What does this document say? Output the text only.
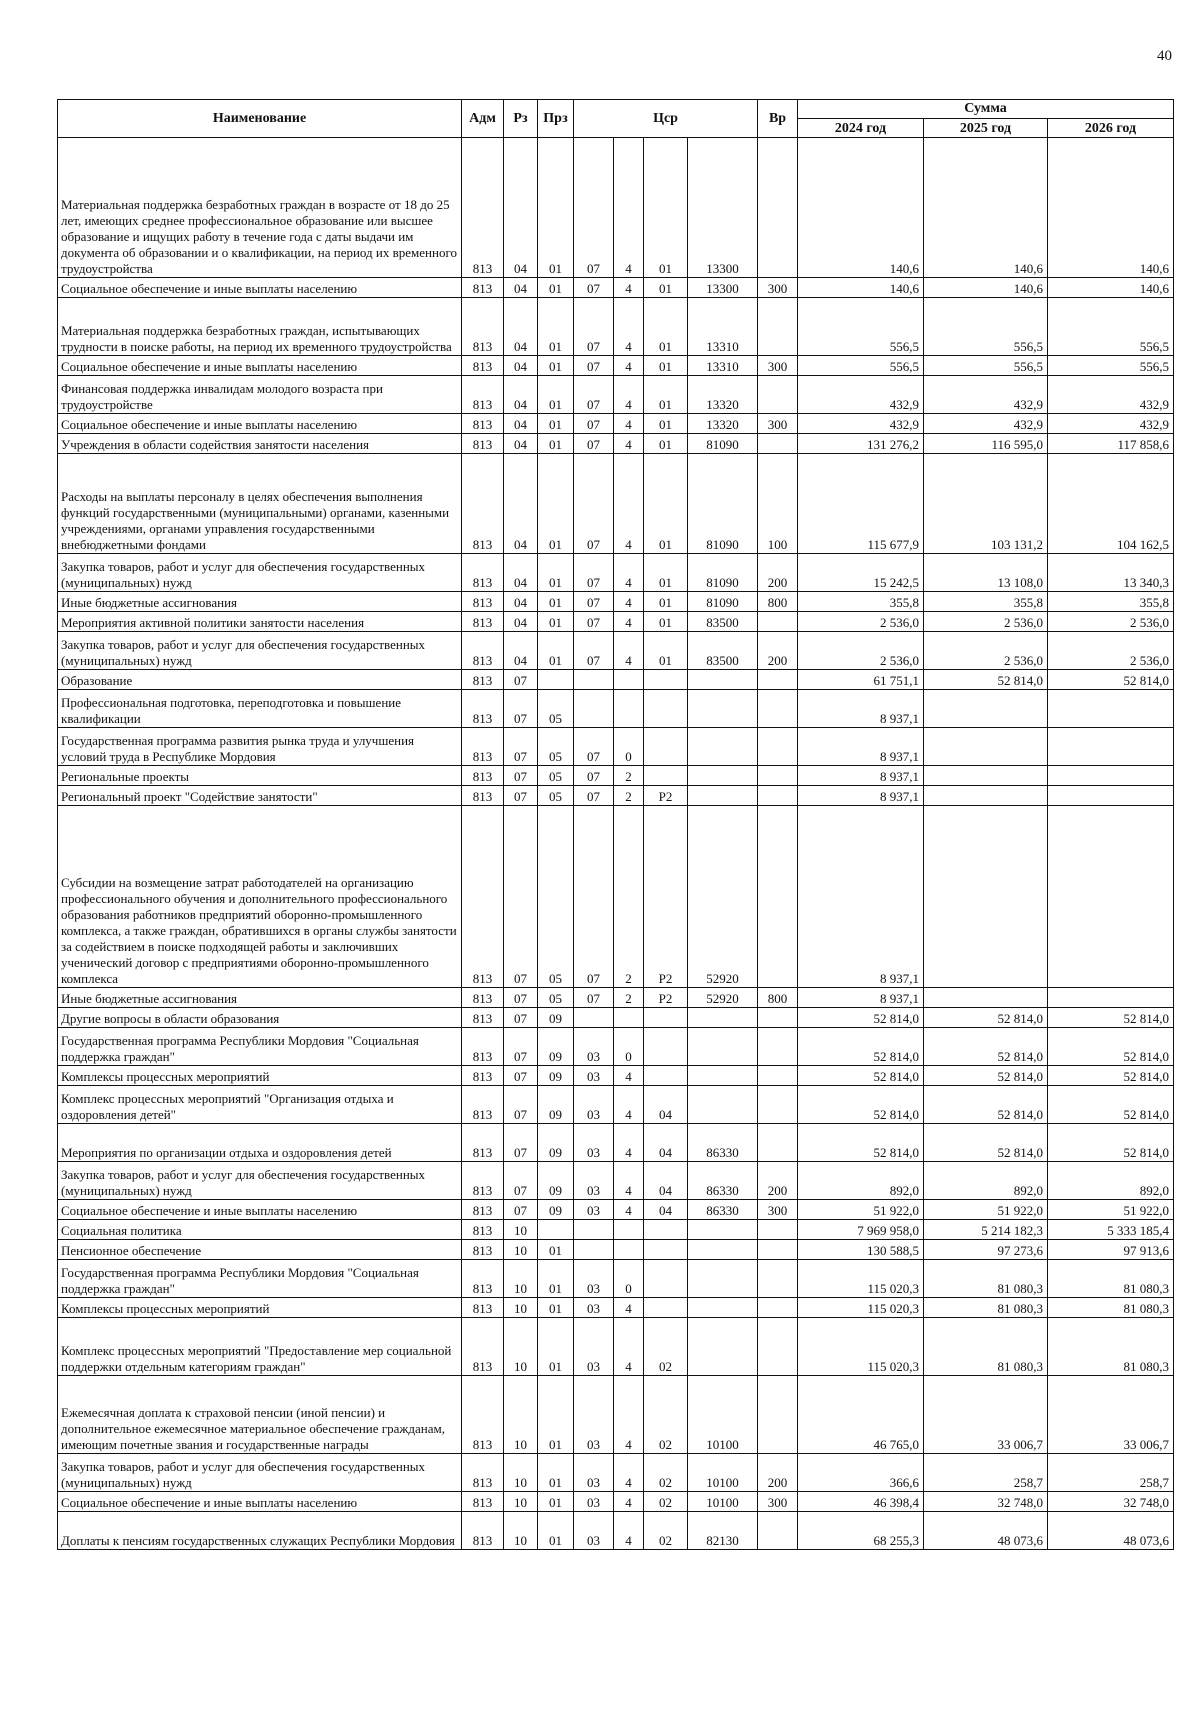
40
Наименование	Адм	Рз	Прз	Цср				Вр	Сумма		
									2024 год	2025 год	2026 год
Материальная поддержка безработных граждан в возрасте от 18 до 25 лет, имеющих среднее профессиональное образование или высшее образование и ищущих работу в течение года с даты выдачи им документа об образовании и о квалификации, на период их временного трудоустройства	813	04	01	07	4	01	13300		140,6	140,6	140,6
Социальное обеспечение и иные выплаты населению	813	04	01	07	4	01	13300	300	140,6	140,6	140,6
Материальная поддержка безработных граждан, испытывающих трудности в поиске работы, на период их временного трудоустройства	813	04	01	07	4	01	13310		556,5	556,5	556,5
Социальное обеспечение и иные выплаты населению	813	04	01	07	4	01	13310	300	556,5	556,5	556,5
Финансовая поддержка инвалидам молодого возраста при трудоустройстве	813	04	01	07	4	01	13320		432,9	432,9	432,9
Социальное обеспечение и иные выплаты населению	813	04	01	07	4	01	13320	300	432,9	432,9	432,9
Учреждения в области содействия занятости населения	813	04	01	07	4	01	81090		131 276,2	116 595,0	117 858,6
Расходы на выплаты персоналу в целях обеспечения выполнения функций государственными (муниципальными) органами, казенными учреждениями, органами управления государственными внебюджетными фондами	813	04	01	07	4	01	81090	100	115 677,9	103 131,2	104 162,5
Закупка товаров, работ и услуг для обеспечения государственных (муниципальных) нужд	813	04	01	07	4	01	81090	200	15 242,5	13 108,0	13 340,3
Иные бюджетные ассигнования	813	04	01	07	4	01	81090	800	355,8	355,8	355,8
Мероприятия активной политики занятости населения	813	04	01	07	4	01	83500		2 536,0	2 536,0	2 536,0
Закупка товаров, работ и услуг для обеспечения государственных (муниципальных) нужд	813	04	01	07	4	01	83500	200	2 536,0	2 536,0	2 536,0
Образование	813	07							61 751,1	52 814,0	52 814,0
Профессиональная подготовка, переподготовка и повышение квалификации	813	07	05						8 937,1		
Государственная программа развития рынка труда и улучшения условий труда в Республике Мордовия	813	07	05	07	0				8 937,1		
Региональные проекты	813	07	05	07	2				8 937,1		
Региональный проект "Содействие занятости"	813	07	05	07	2	Р2			8 937,1		
Субсидии на возмещение затрат работодателей на организацию профессионального обучения и дополнительного профессионального образования работников предприятий оборонно-промышленного комплекса, а также граждан, обратившихся в органы службы занятости за содействием в поиске подходящей работы и заключивших ученический договор с предприятиями оборонно-промышленного комплекса	813	07	05	07	2	Р2	52920		8 937,1		
Иные бюджетные ассигнования	813	07	05	07	2	Р2	52920	800	8 937,1		
Другие вопросы в области образования	813	07	09						52 814,0	52 814,0	52 814,0
Государственная программа Республики Мордовия "Социальная поддержка граждан"	813	07	09	03	0				52 814,0	52 814,0	52 814,0
Комплексы процессных мероприятий	813	07	09	03	4				52 814,0	52 814,0	52 814,0
Комплекс процессных мероприятий "Организация отдыха и оздоровления детей"	813	07	09	03	4	04			52 814,0	52 814,0	52 814,0
Мероприятия по организации отдыха и оздоровления детей	813	07	09	03	4	04	86330		52 814,0	52 814,0	52 814,0
Закупка товаров, работ и услуг для обеспечения государственных (муниципальных) нужд	813	07	09	03	4	04	86330	200	892,0	892,0	892,0
Социальное обеспечение и иные выплаты населению	813	07	09	03	4	04	86330	300	51 922,0	51 922,0	51 922,0
Социальная политика	813	10							7 969 958,0	5 214 182,3	5 333 185,4
Пенсионное обеспечение	813	10	01						130 588,5	97 273,6	97 913,6
Государственная программа Республики Мордовия "Социальная поддержка граждан"	813	10	01	03	0				115 020,3	81 080,3	81 080,3
Комплексы процессных мероприятий	813	10	01	03	4				115 020,3	81 080,3	81 080,3
Комплекс процессных мероприятий "Предоставление мер социальной поддержки отдельным категориям граждан"	813	10	01	03	4	02			115 020,3	81 080,3	81 080,3
Ежемесячная доплата к страховой пенсии (иной пенсии) и дополнительное ежемесячное материальное обеспечение гражданам, имеющим почетные звания и государственные награды	813	10	01	03	4	02	10100		46 765,0	33 006,7	33 006,7
Закупка товаров, работ и услуг для обеспечения государственных (муниципальных) нужд	813	10	01	03	4	02	10100	200	366,6	258,7	258,7
Социальное обеспечение и иные выплаты населению	813	10	01	03	4	02	10100	300	46 398,4	32 748,0	32 748,0
Доплаты к пенсиям государственных служащих Республики Мордовия	813	10	01	03	4	02	82130		68 255,3	48 073,6	48 073,6
